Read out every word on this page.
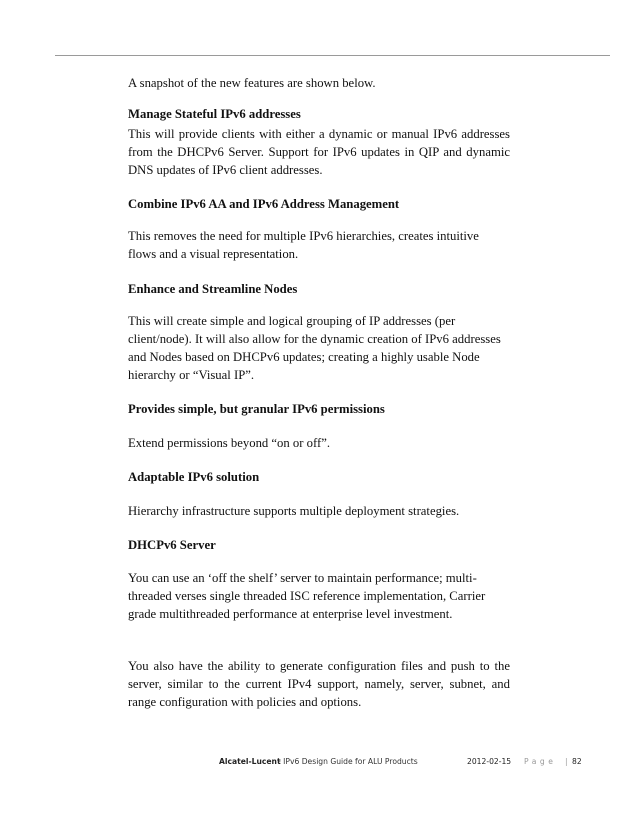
A snapshot of the new features are shown below.

Manage Stateful IPv6 addresses

This will provide clients with either a dynamic or manual IPv6 addresses from the DHCPv6 Server. Support for IPv6 updates in QIP and dynamic DNS updates of IPv6 client addresses.

Combine IPv6 AA and IPv6 Address Management

This removes the need for multiple IPv6 hierarchies, creates intuitive flows and a visual representation.

Enhance and Streamline Nodes

This will create simple and logical grouping of IP addresses (per client/node). It will also allow for the dynamic creation of IPv6 addresses and Nodes based on DHCPv6 updates; creating a highly usable Node hierarchy or “Visual IP”.

Provides simple, but granular IPv6 permissions

Extend permissions beyond “on or off”.

Adaptable IPv6 solution

Hierarchy infrastructure supports multiple deployment strategies.

DHCPv6 Server

You can use an ‘off the shelf’ server to maintain performance; multi-threaded verses single threaded ISC reference implementation, Carrier grade multithreaded performance at enterprise level investment.

You also have the ability to generate configuration files and push to the server, similar to the current IPv4 support, namely, server, subnet, and range configuration with policies and options.

Alcatel-Lucent
- IPv6 Design Guide for ALU Products	2012-02-15 Page | 82
